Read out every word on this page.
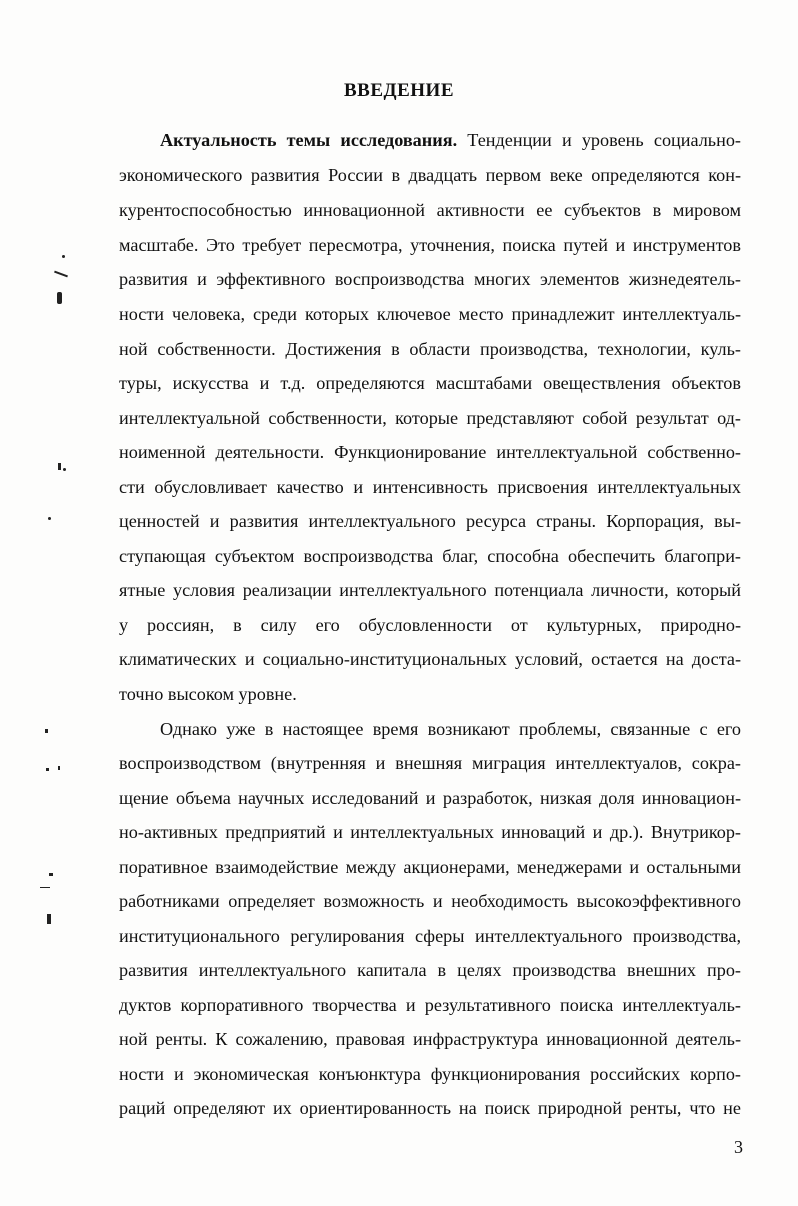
ВВЕДЕНИЕ
Актуальность темы исследования. Тенденции и уровень социально-
экономического развития России в двадцать первом веке определяются кон-
курентоспособностью инновационной активности ее субъектов в мировом
масштабе. Это требует пересмотра, уточнения, поиска путей и инструментов
развития и эффективного воспроизводства многих элементов жизнедеятель-
ности человека, среди которых ключевое место принадлежит интеллектуаль-
ной собственности. Достижения в области производства, технологии, куль-
туры, искусства и т.д. определяются масштабами овеществления объектов
интеллектуальной собственности, которые представляют собой результат од-
ноименной деятельности. Функционирование интеллектуальной собственно-
сти обусловливает качество и интенсивность присвоения интеллектуальных
ценностей и развития интеллектуального ресурса страны. Корпорация, вы-
ступающая субъектом воспроизводства благ, способна обеспечить благопри-
ятные условия реализации интеллектуального потенциала личности, который
у россиян, в силу его обусловленности от культурных, природно-
климатических и социально-институциональных условий, остается на доста-
точно высоком уровне.
Однако уже в настоящее время возникают проблемы, связанные с его
воспроизводством (внутренняя и внешняя миграция интеллектуалов, сокра-
щение объема научных исследований и разработок, низкая доля инновацион-
но-активных предприятий и интеллектуальных инноваций и др.). Внутрикор-
поративное взаимодействие между акционерами, менеджерами и остальными
работниками определяет возможность и необходимость высокоэффективного
институционального регулирования сферы интеллектуального производства,
развития интеллектуального капитала в целях производства внешних про-
дуктов корпоративного творчества и результативного поиска интеллектуаль-
ной ренты. К сожалению, правовая инфраструктура инновационной деятель-
ности и экономическая конъюнктура функционирования российских корпо-
раций определяют их ориентированность на поиск природной ренты, что не
3
